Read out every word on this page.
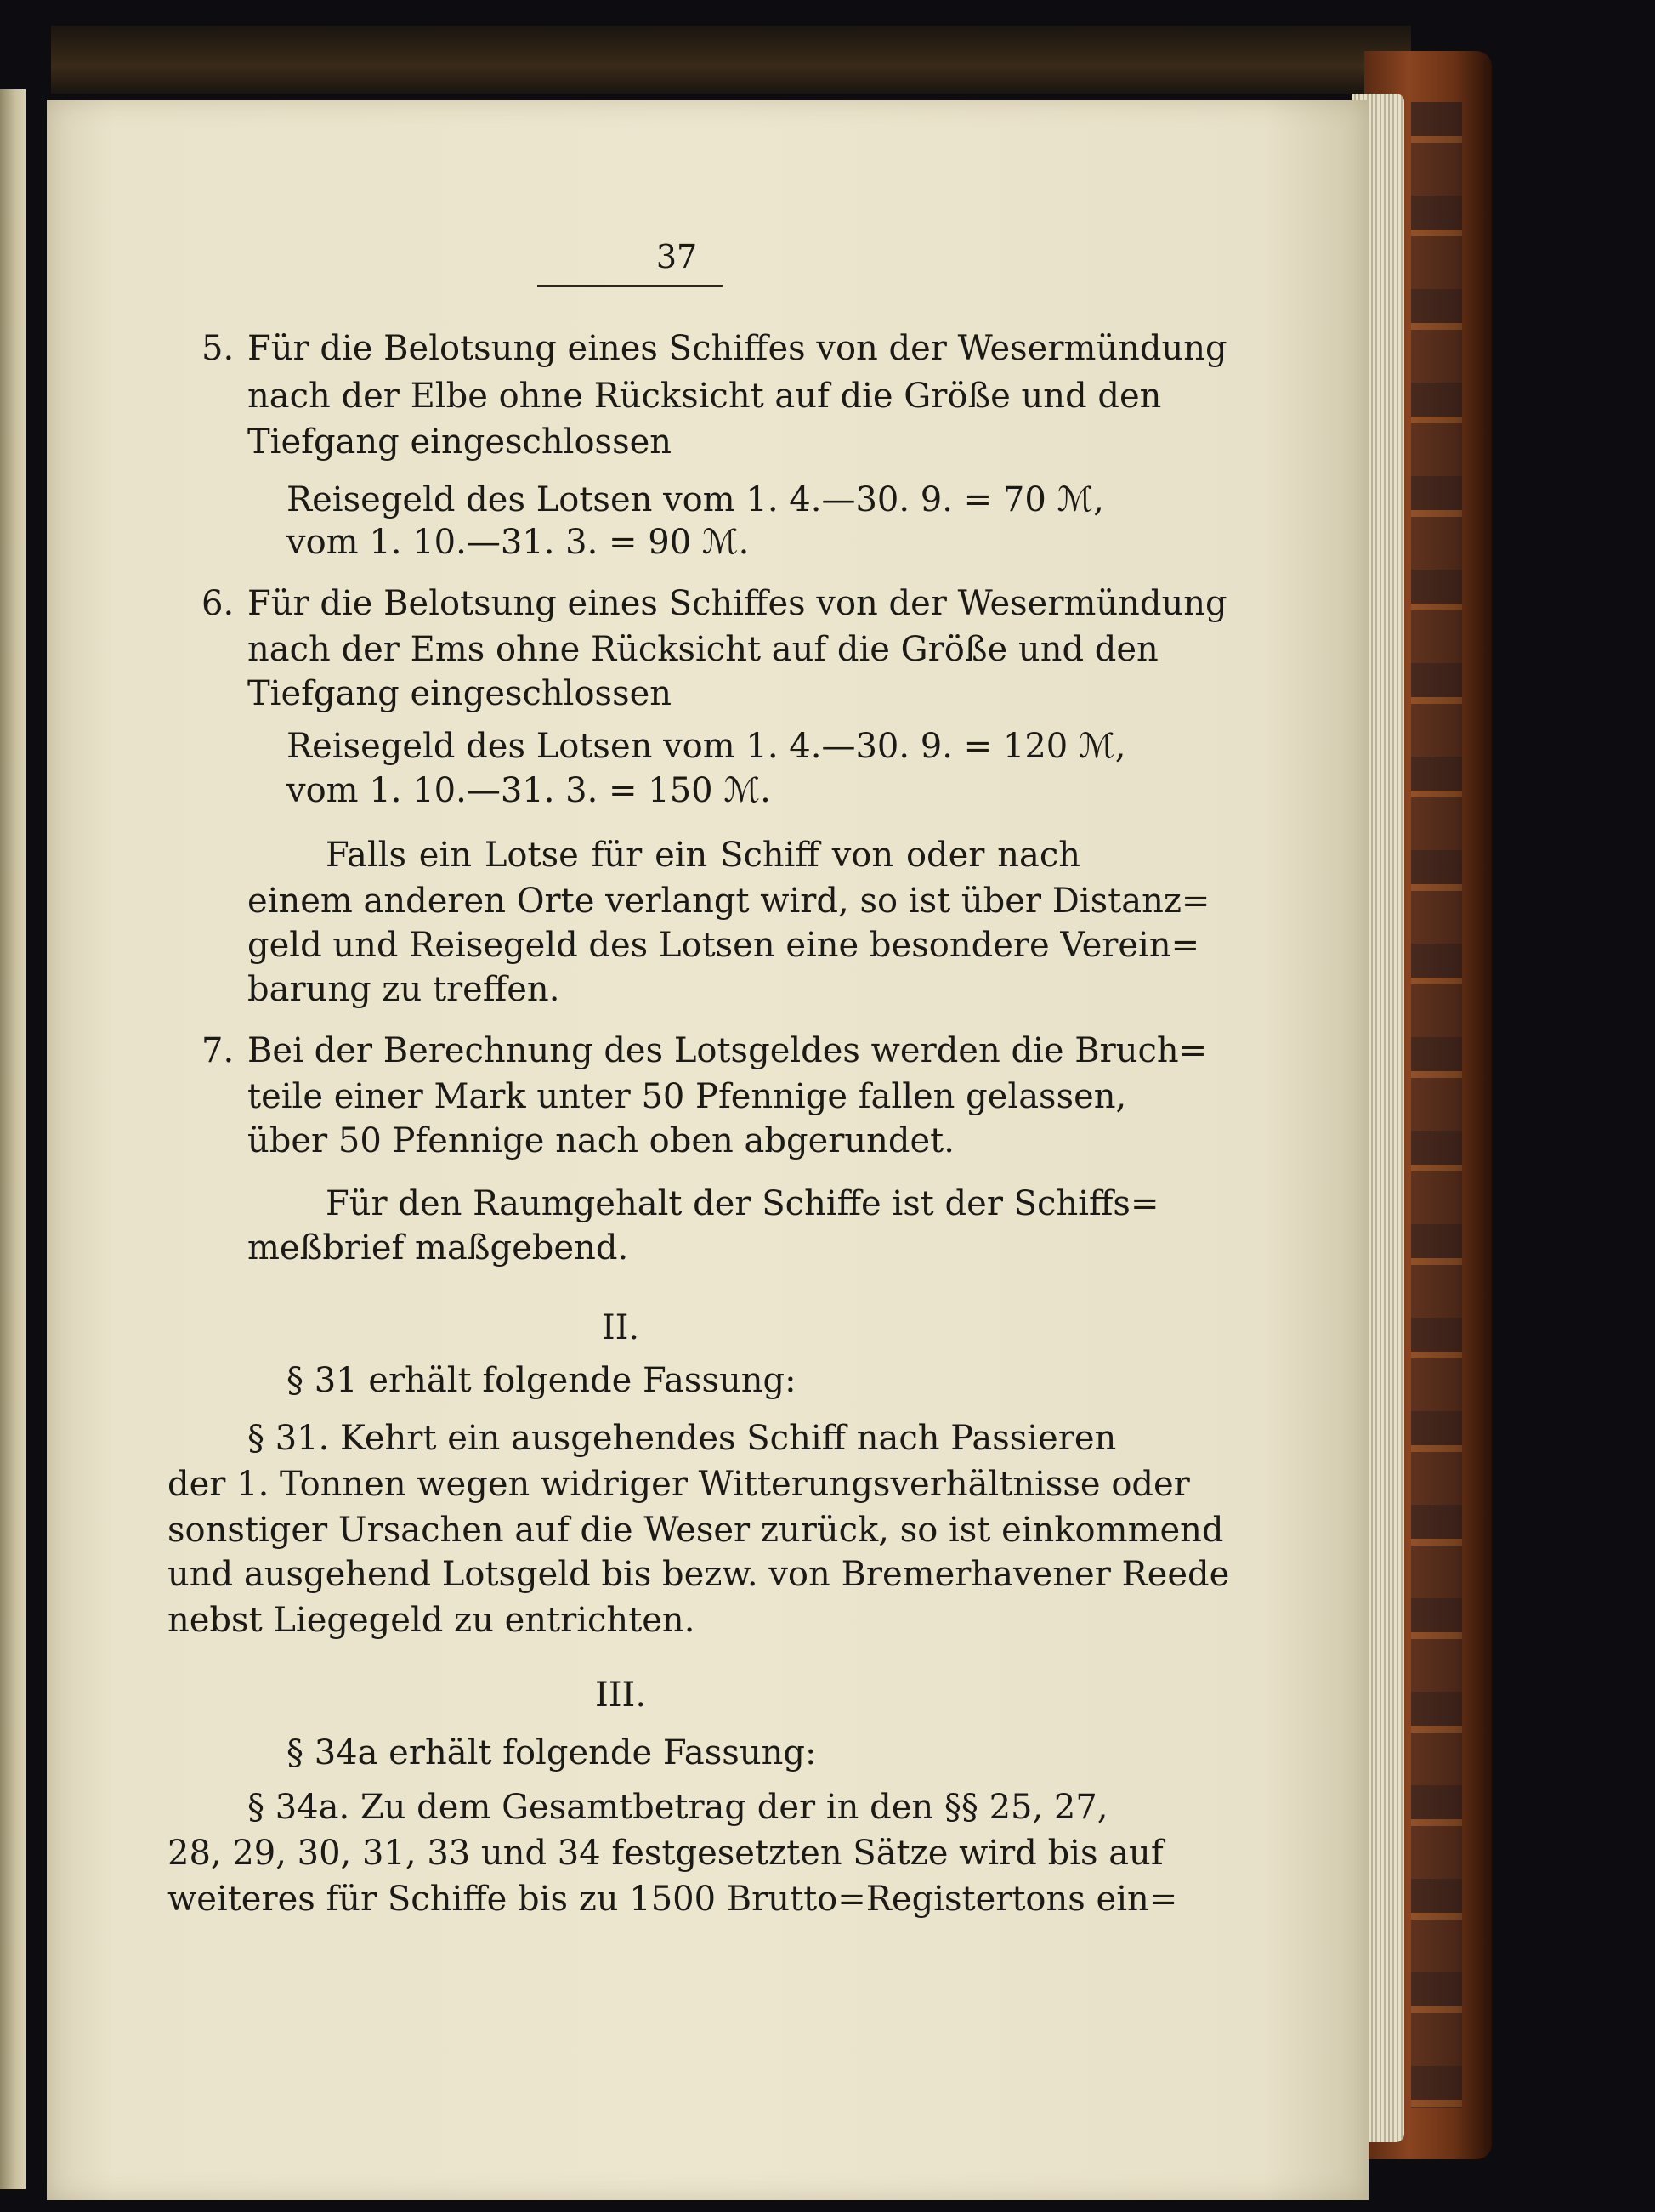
37
5. Für die Belotsung eines Schiffes von der Wesermündung
nach der Elbe ohne Rücksicht auf die Größe und den
Tiefgang eingeschlossen
Reisegeld des Lotsen vom 1. 4.—30. 9. = 70 ℳ,
vom 1. 10.—31. 3. = 90 ℳ.
6. Für die Belotsung eines Schiffes von der Wesermündung
nach der Ems ohne Rücksicht auf die Größe und den
Tiefgang eingeschlossen
Reisegeld des Lotsen vom 1. 4.—30. 9. = 120 ℳ,
vom 1. 10.—31. 3. = 150 ℳ.
Falls ein Lotse für ein Schiff von oder nach
einem anderen Orte verlangt wird, so ist über Distanz=
geld und Reisegeld des Lotsen eine besondere Verein=
barung zu treffen.
7. Bei der Berechnung des Lotsgeldes werden die Bruch=
teile einer Mark unter 50 Pfennige fallen gelassen,
über 50 Pfennige nach oben abgerundet.
Für den Raumgehalt der Schiffe ist der Schiffs=
meßbrief maßgebend.
II.
§ 31 erhält folgende Fassung:
§ 31. Kehrt ein ausgehendes Schiff nach Passieren
der 1. Tonnen wegen widriger Witterungsverhältnisse oder
sonstiger Ursachen auf die Weser zurück, so ist einkommend
und ausgehend Lotsgeld bis bezw. von Bremerhavener Reede
nebst Liegegeld zu entrichten.
III.
§ 34a erhält folgende Fassung:
§ 34a. Zu dem Gesamtbetrag der in den §§ 25, 27,
28, 29, 30, 31, 33 und 34 festgesetzten Sätze wird bis auf
weiteres für Schiffe bis zu 1500 Brutto=Registertons ein=
